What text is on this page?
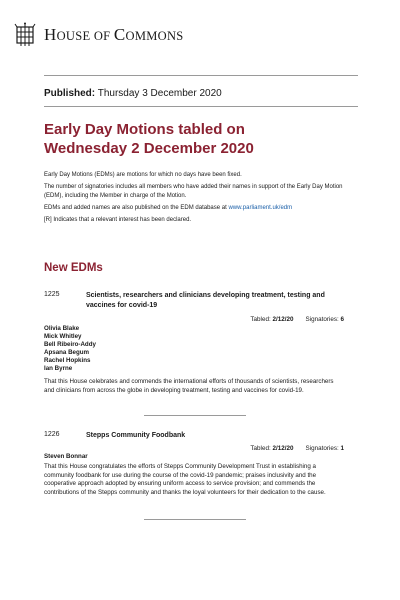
HOUSE OF COMMONS
Published: Thursday 3 December 2020
Early Day Motions tabled on
Wednesday 2 December 2020

Early Day Motions (EDMs) are motions for which no days have been fixed.

The number of signatories includes all members who have added their names in support of the Early Day Motion (EDM), including the Member in charge of the Motion.

EDMs and added names are also published on the EDM database at www.parliament.uk/edm

[R] Indicates that a relevant interest has been declared.

New EDMs
1225	Scientists, researchers and clinicians developing treatment, testing and vaccines for covid-19
Tabled: 2/12/20 Signatories: 6
Olivia Blake
Mick Whitley
Bell Ribeiro-Addy
Apsana Begum
Rachel Hopkins
Ian Byrne
That this House celebrates and commends the international efforts of thousands of scientists, researchers and clinicians from across the globe in developing treatment, testing and vaccines for covid-19.
1226	Stepps Community Foodbank
Tabled: 2/12/20 Signatories: 1
Steven Bonnar
That this House congratulates the efforts of Stepps Community Development Trust in establishing a community foodbank for use during the course of the covid-19 pandemic; praises inclusivity and the cooperative approach adopted by ensuring uniform access to service provision; and commends the contributions of the Stepps community and thanks the loyal volunteers for their dedication to the cause.
